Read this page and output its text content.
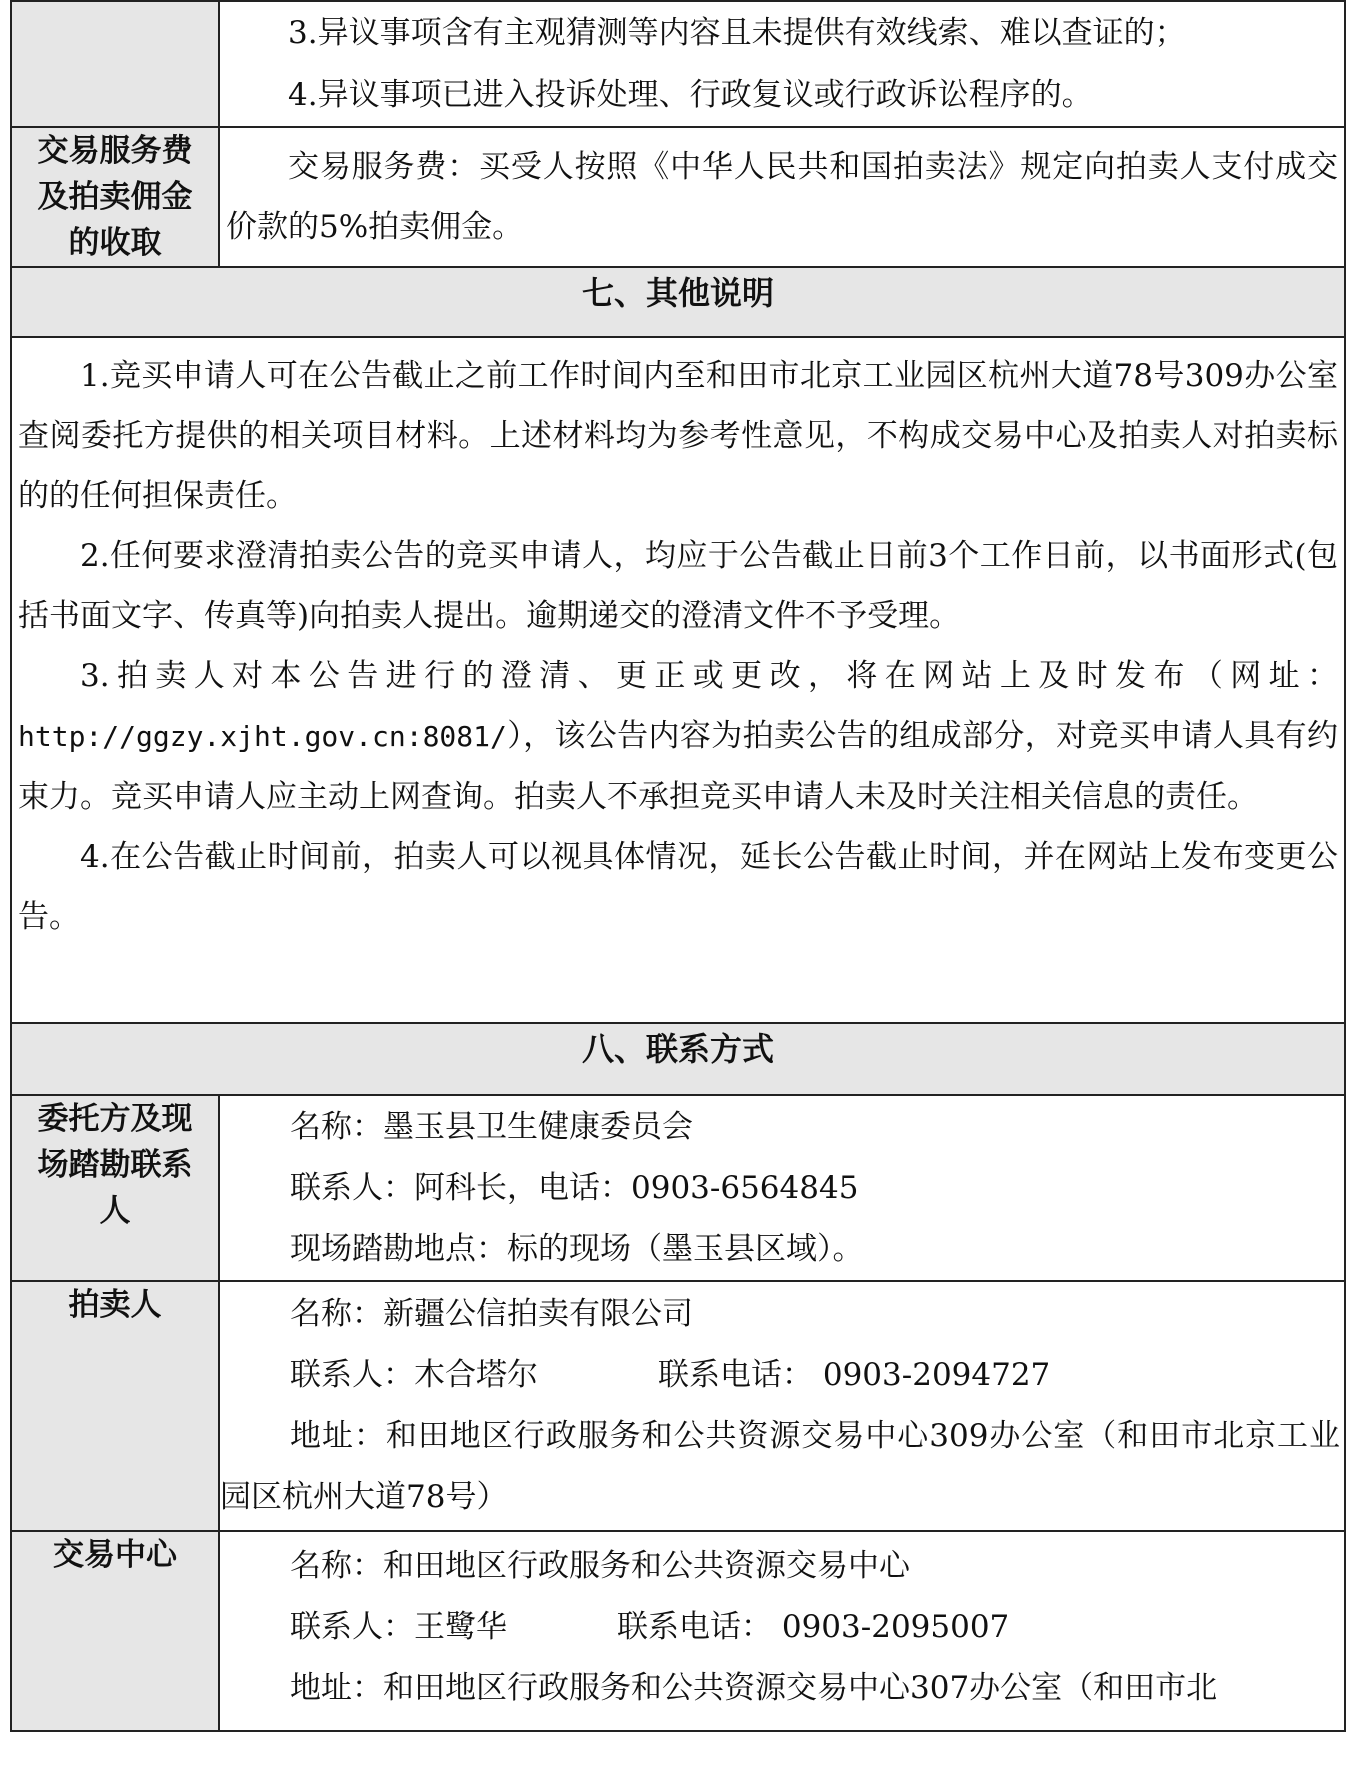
	3.异议事项含有主观猜测等内容且未提供有效线索、难以查证的；

4.异议事项已进入投诉处理、行政复议或行政诉讼程序的。

交易服务费及拍卖佣金的收取	交易服务费：买受人按照《中华人民共和国拍卖法》规定向拍卖人支付成交价款的5%拍卖佣金。

七、其他说明	

1.竞买申请人可在公告截止之前工作时间内至和田市北京工业园区杭州大道78号309办公室查阅委托方提供的相关项目材料。上述材料均为参考性意见，不构成交易中心及拍卖人对拍卖标的的任何担保责任。

2.任何要求澄清拍卖公告的竞买申请人，均应于公告截止日前3个工作日前，以书面形式(包括书面文字、传真等)向拍卖人提出。逾期递交的澄清文件不予受理。

3.拍卖人对本公告进行的澄清、更正或更改，将在网站上及时发布（网址：http://ggzy.xjht.gov.cn:8081/），该公告内容为拍卖公告的组成部分，对竞买申请人具有约束力。竞买申请人应主动上网查询。拍卖人不承担竞买申请人未及时关注相关信息的责任。

4.在公告截止时间前，拍卖人可以视具体情况，延长公告截止时间，并在网站上发布变更公告。	

八、联系方式	
委托方及现场踏勘联系人	名称：墨玉县卫生健康委员会

联系人：阿科长，电话：0903-6564845

现场踏勘地点：标的现场（墨玉县区域）。

拍卖人	名称：新疆公信拍卖有限公司

联系人：木合塔尔 联系电话： 0903-2094727

地址：和田地区行政服务和公共资源交易中心309办公室（和田市北京工业园区杭州大道78号）

交易中心	名称：和田地区行政服务和公共资源交易中心

联系人：王鹭华 联系电话： 0903-2095007

地址：和田地区行政服务和公共资源交易中心307办公室（和田市北
